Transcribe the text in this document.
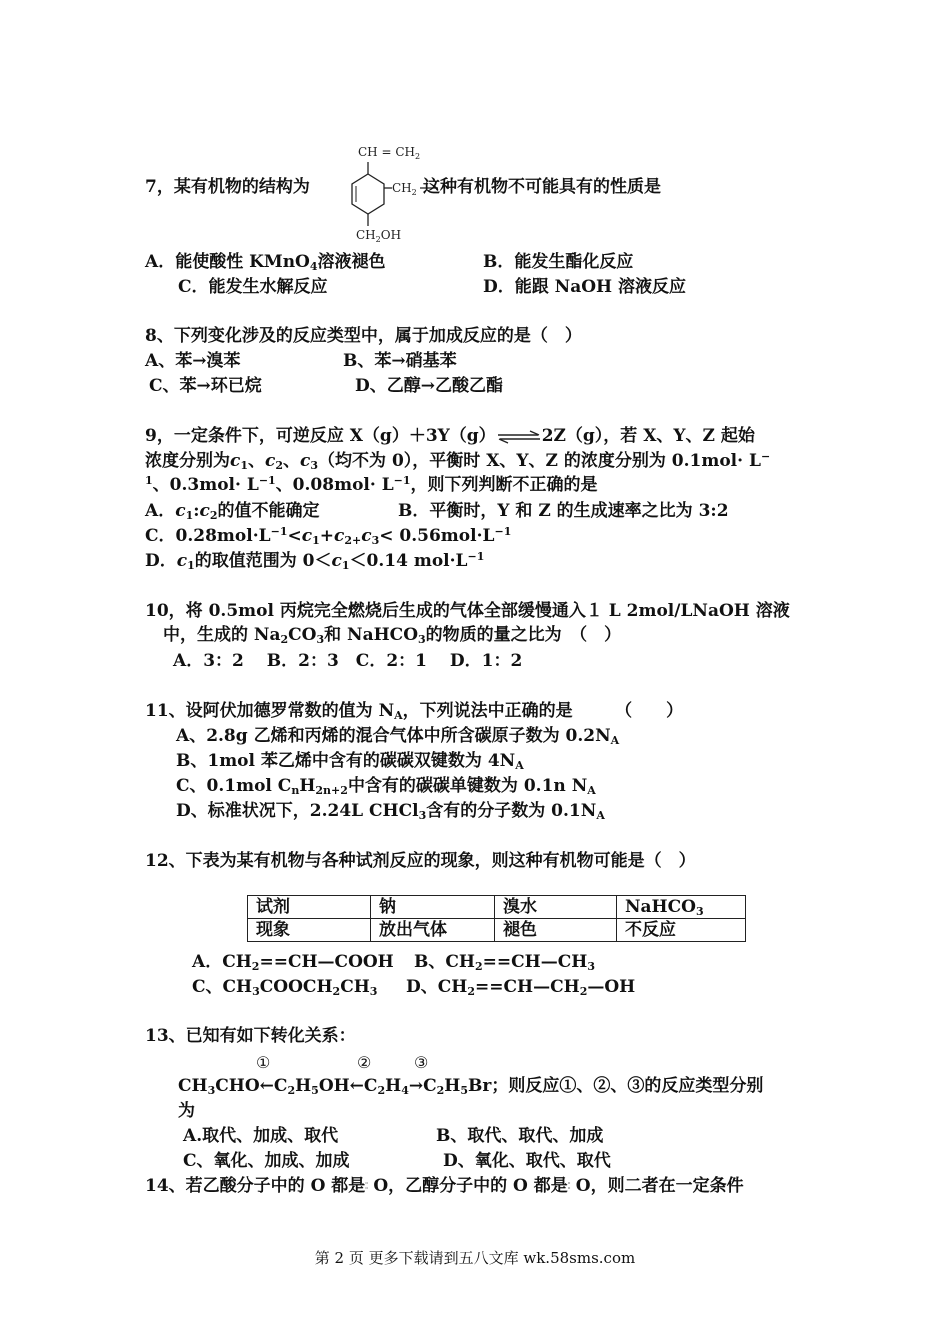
7，某有机物的结构为
CH = $CH_2$
$CH_2$
$CH_2OH$
这种有机物不可能具有的性质是
A．能使酸性 KMnO$_4$溶液褪色	B．能发生酯化反应
C．能发生水解反应	D．能跟 NaOH 溶液反应
8、下列变化涉及的反应类型中，属于加成反应的是（　）
A、苯→溴苯	B、苯→硝基苯
C、苯→环已烷	D、乙醇→乙酸乙酯
9，一定条件下，可逆反应 X（g）＋3Y（g）⇌2Z（g），若 X、Y、Z 起始
浓度分别为$c_1$、$c_2$、$c_3$（均不为 0），平衡时 X、Y、Z 的浓度分别为 0.1mol· L−
$^1$、$0.3mol\cdot L^{-1}$、$0.08mol\cdot L^{-1}$，则下列判断不正确的是
A．$c_1:c_2$的值不能确定	B．平衡时，Y 和 Z 的生成速率之比为 3:2
C．$0.28mol\cdot L^{-1}<c_1+c_{2+}c_3< 0.56mol\cdot L^{-1}$
D．$c_1$的取值范围为 $0<c_1<0.14$ $mol\cdot L^{-1}$
10，将 0.5mol 丙烷完全燃烧后生成的气体全部缓慢通入１ L 2mol/LNaOH 溶液
中，生成的 $Na_2CO_3$和 NaHCO$_3$的物质的量之比为　（　）
A．3：2　 B．2：3　C．2：1　 D．1：2
11、设阿伏加德罗常数的值为 $N_A$，下列说法中正确的是　　　（　　）
A、2.8g 乙烯和丙烯的混合气体中所含碳原子数为 $0.2N_A$
B、1mol 苯乙烯中含有的碳碳双键数为 $4N_A$
C、0.1mol $C_nH_{2n+2}$中含有的碳碳单键数为 0.1n $N_A$
D、标准状况下，2.24L CHCl$_3$含有的分子数为 $0.1N_A$
12、下表为某有机物与各种试剂反应的现象，则这种有机物可能是（　）
试剂	钠	溴水	NaHCO$_3$
现象	放出气体	褪色	不反应
A．$CH_2==CH—COOH$ B、$CH_2==CH—CH_3$
C、$CH_3COOCH_2CH_3$ D、$CH_2==CH—CH_2—OH$
13、已知有如下转化关系：
①	②	③
$CH_3CHO\leftarrow C_2H_5OH\leftarrow C_2H_4\to C_2H_5Br$；则反应①、②、③的反应类型分别
为
A.取代、加成、取代	B、取代、取代、加成
C、氧化、加成、加成	D、氧化、取代、取代
14、若乙酸分子中的 O 都是▫
▫ O，乙醇分子中的 O 都是▫
▫ O，则二者在一定条件
第 2 页 更多下载请到五八文库 wk.58sms.com
